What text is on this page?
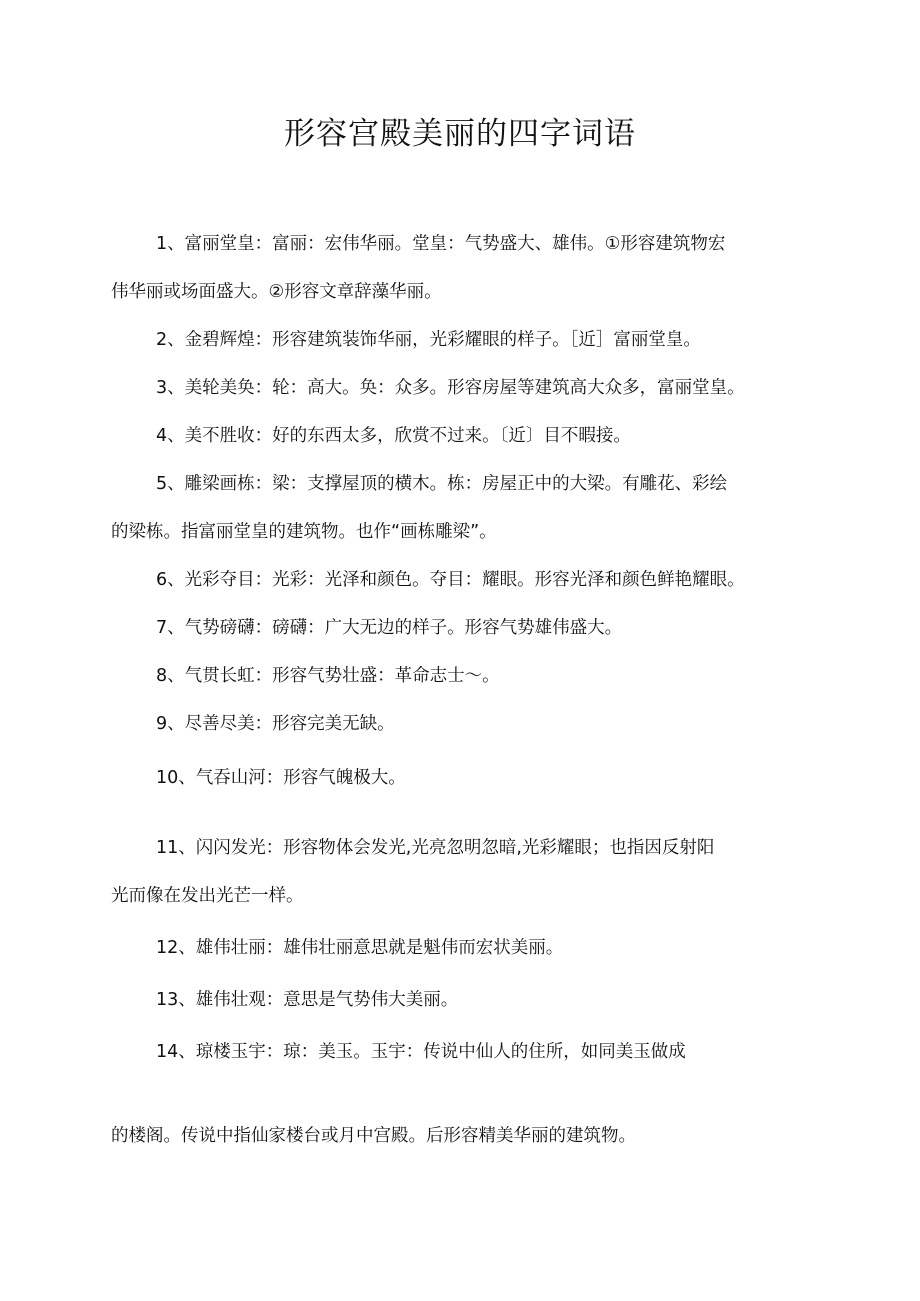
形容宫殿美丽的四字词语
1、富丽堂皇：富丽：宏伟华丽。堂皇：气势盛大、雄伟。①形容建筑物宏
伟华丽或场面盛大。②形容文章辞藻华丽。
2、金碧辉煌：形容建筑装饰华丽，光彩耀眼的样子。［近］富丽堂皇。
3、美轮美奂：轮：高大。奂：众多。形容房屋等建筑高大众多，富丽堂皇。
4、美不胜收：好的东西太多，欣赏不过来。〔近〕目不暇接。
5、雕梁画栋：梁：支撑屋顶的横木。栋：房屋正中的大梁。有雕花、彩绘
的梁栋。指富丽堂皇的建筑物。也作“画栋雕梁”。
6、光彩夺目：光彩：光泽和颜色。夺目：耀眼。形容光泽和颜色鲜艳耀眼。
7、气势磅礴：磅礴：广大无边的样子。形容气势雄伟盛大。
8、气贯长虹：形容气势壮盛：革命志士～。
9、尽善尽美：形容完美无缺。
10、气吞山河：形容气魄极大。
11、闪闪发光：形容物体会发光,光亮忽明忽暗,光彩耀眼；也指因反射阳
光而像在发出光芒一样。
12、雄伟壮丽：雄伟壮丽意思就是魁伟而宏状美丽。
13、雄伟壮观：意思是气势伟大美丽。
14、琼楼玉宇：琼：美玉。玉宇：传说中仙人的住所，如同美玉做成
的楼阁。传说中指仙家楼台或月中宫殿。后形容精美华丽的建筑物。
